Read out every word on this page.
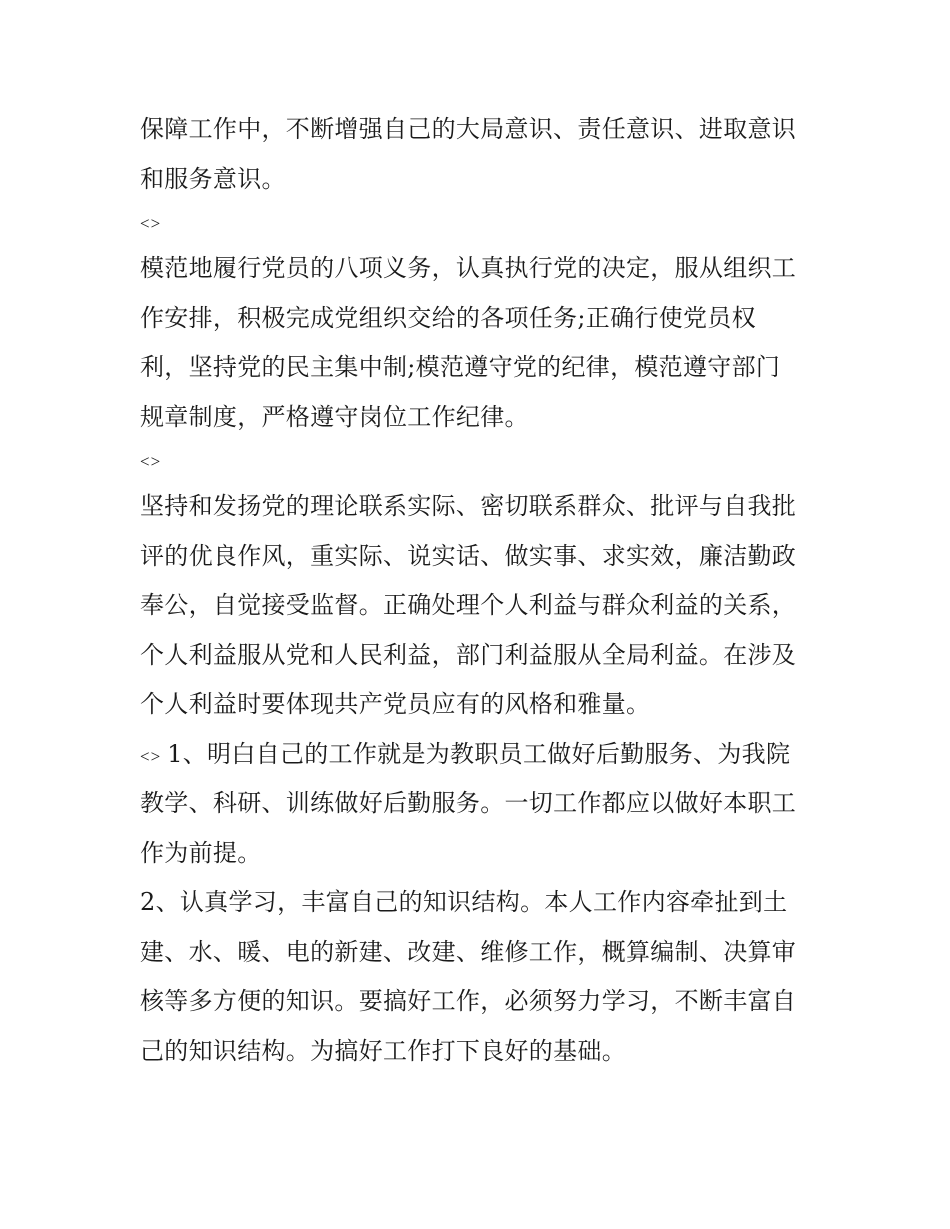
保障工作中，不断增强自己的大局意识、责任意识、进取意识
和服务意识。
<>
模范地履行党员的八项义务，认真执行党的决定，服从组织工
作安排，积极完成党组织交给的各项任务;正确行使党员权
利，坚持党的民主集中制;模范遵守党的纪律，模范遵守部门
规章制度，严格遵守岗位工作纪律。
<>
坚持和发扬党的理论联系实际、密切联系群众、批评与自我批
评的优良作风，重实际、说实话、做实事、求实效，廉洁勤政
奉公，自觉接受监督。正确处理个人利益与群众利益的关系，
个人利益服从党和人民利益，部门利益服从全局利益。在涉及
个人利益时要体现共产党员应有的风格和雅量。
<> 1、明白自己的工作就是为教职员工做好后勤服务、为我院
教学、科研、训练做好后勤服务。一切工作都应以做好本职工
作为前提。
2、认真学习，丰富自己的知识结构。本人工作内容牵扯到土
建、水、暖、电的新建、改建、维修工作，概算编制、决算审
核等多方便的知识。要搞好工作，必须努力学习，不断丰富自
己的知识结构。为搞好工作打下良好的基础。
